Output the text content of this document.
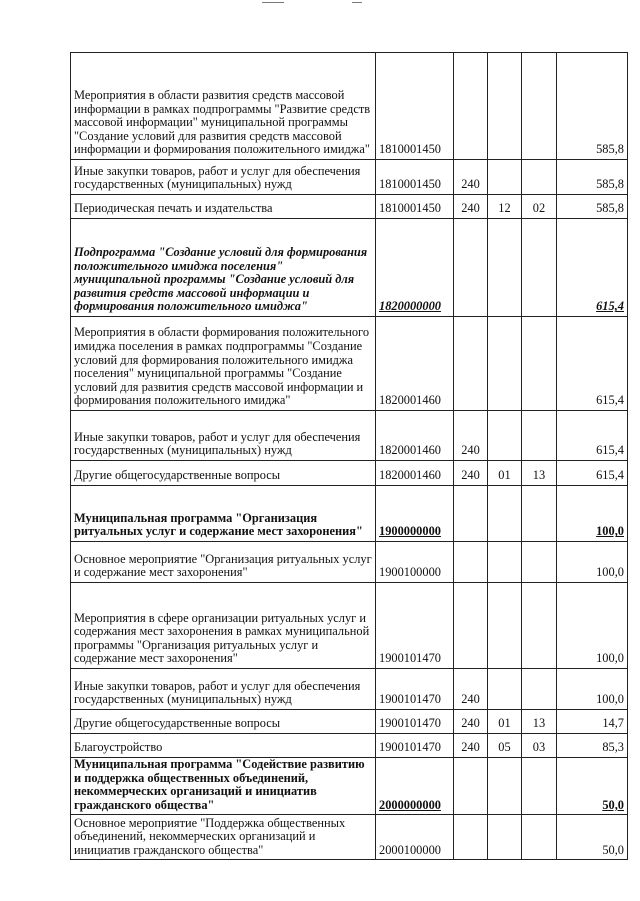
Мероприятия в области развития средств массовой информации в рамках подпрограммы "Развитие средств массовой информации" муниципальной программы "Создание условий для развития средств массовой информации и формирования положительного имиджа"	1810001450				585,8
Иные закупки товаров, работ и услуг для обеспечения государственных (муниципальных) нужд	1810001450	240			585,8
Периодическая печать и издательства	1810001450	240	12	02	585,8
Подпрограмма "Создание условий для формирования положительного имиджа поселения" муниципальной программы "Создание условий для развития средств массовой информации и формирования положительного имиджа"	1820000000				615,4
Мероприятия в области формирования положительного имиджа поселения в рамках подпрограммы "Создание условий для формирования положительного имиджа поселения" муниципальной программы "Создание условий для развития средств массовой информации и формирования положительного имиджа"	1820001460				615,4
Иные закупки товаров, работ и услуг для обеспечения государственных (муниципальных) нужд	1820001460	240			615,4
Другие общегосударственные вопросы	1820001460	240	01	13	615,4
Муниципальная программа "Организация ритуальных услуг и содержание мест захоронения"	1900000000				100,0
Основное мероприятие "Организация ритуальных услуг и содержание мест захоронения"	1900100000				100,0
Мероприятия в сфере организации ритуальных услуг и содержания мест захоронения в рамках муниципальной программы "Организация ритуальных услуг и содержание мест захоронения"	1900101470				100,0
Иные закупки товаров, работ и услуг для обеспечения государственных (муниципальных) нужд	1900101470	240			100,0
Другие общегосударственные вопросы	1900101470	240	01	13	14,7
Благоустройство	1900101470	240	05	03	85,3
Муниципальная программа "Содействие развитию и поддержка общественных объединений, некоммерческих организаций и инициатив гражданского общества"	2000000000				50,0
Основное мероприятие "Поддержка общественных объединений, некоммерческих организаций и инициатив гражданского общества"	2000100000				50,0
